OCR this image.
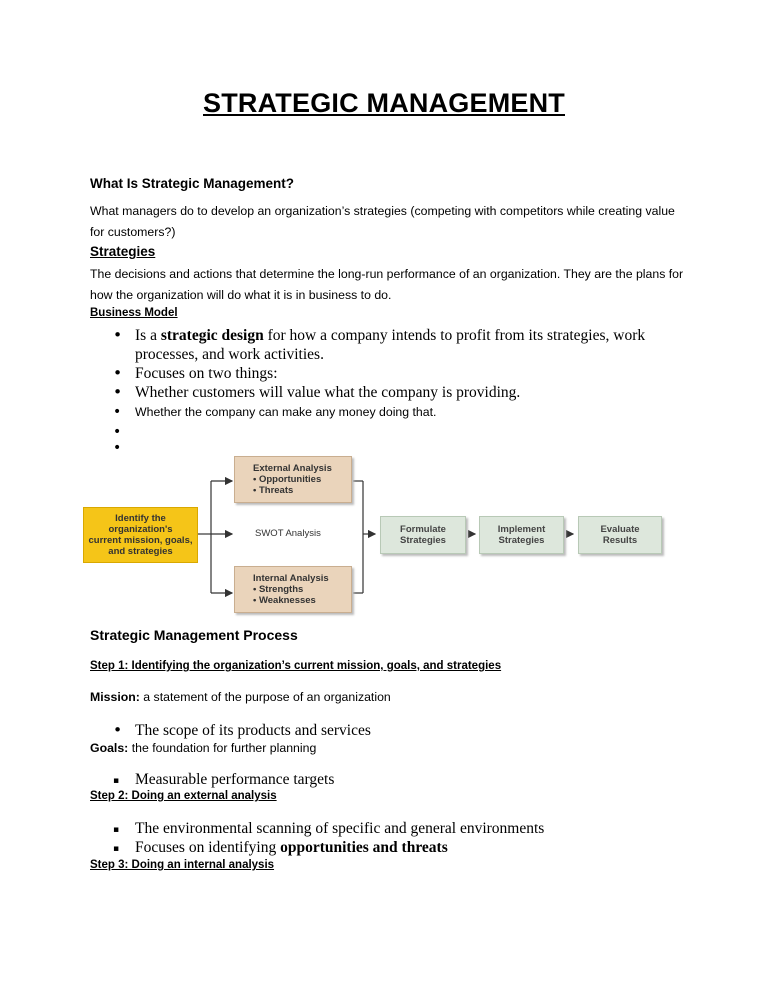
STRATEGIC MANAGEMENT
What Is Strategic Management?
What managers do to develop an organization’s strategies (competing with competitors while creating value for customers?)
Strategies
The decisions and actions that determine the long-run performance of an organization. They are the plans for how the organization will do what it is in business to do.
Business Model
• Is a strategic design for how a company intends to profit from its strategies, work processes, and work activities.
• Focuses on two things:
• Whether customers will value what the company is providing.
• Whether the company can make any money doing that.
•
•
Identify the
organization's
current mission, goals,
and strategies
External Analysis
• Opportunities
• Threats
SWOT Analysis
Internal Analysis
• Strengths
• Weaknesses
Formulate
Strategies
Implement
Strategies
Evaluate
Results
Strategic Management Process
Step 1: Identifying the organization’s current mission, goals, and strategies
Mission: a statement of the purpose of an organization
• The scope of its products and services
Goals: the foundation for further planning
▪ Measurable performance targets
Step 2: Doing an external analysis
▪ The environmental scanning of specific and general environments
▪ Focuses on identifying opportunities and threats
Step 3: Doing an internal analysis
